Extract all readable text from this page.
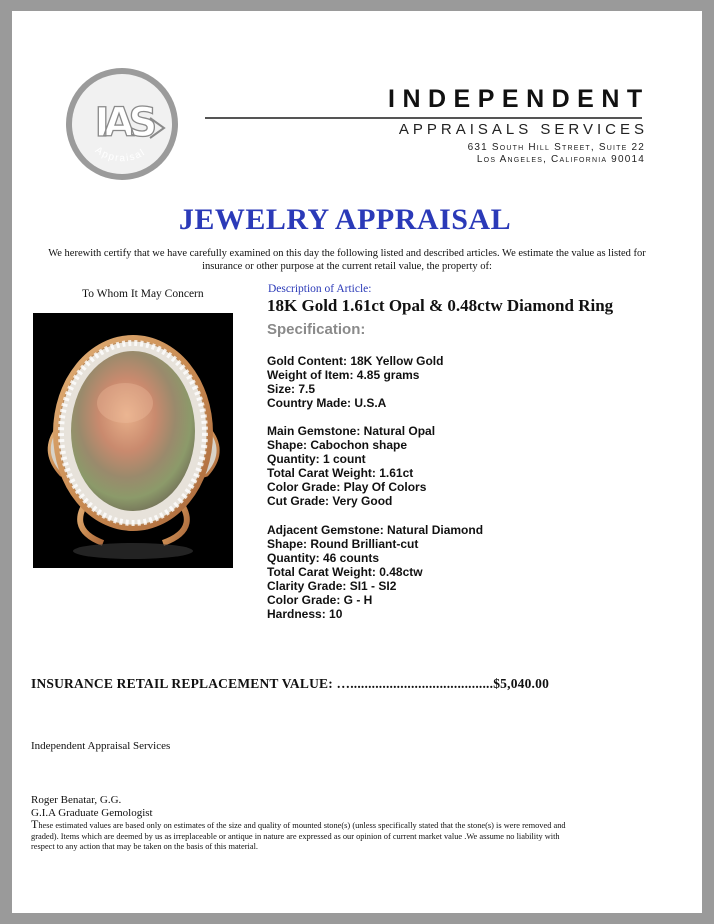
IAS
Appraisal
INDEPENDENT
APPRAISALS SERVICES
631 South Hill Street, Suite 22
Los Angeles, California 90014
JEWELRY APPRAISAL
We herewith certify that we have carefully examined on this day the following listed and described articles. We estimate the value as listed for insurance or other purpose at the current retail value, the property of:
To Whom It May Concern	Description of Article:
18K Gold 1.61ct Opal & 0.48ctw Diamond Ring
Specification:
Gold Content: 18K Yellow Gold
Weight of Item: 4.85 grams
Size: 7.5
Country Made: U.S.A
Main Gemstone: Natural Opal
Shape: Cabochon shape
Quantity: 1 count
Total Carat Weight: 1.61ct
Color Grade: Play Of Colors
Cut Grade: Very Good
Adjacent Gemstone: Natural Diamond
Shape: Round Brilliant-cut
Quantity: 46 counts
Total Carat Weight: 0.48ctw
Clarity Grade: SI1 - SI2
Color Grade: G - H
Hardness: 10
INSURANCE RETAIL REPLACEMENT VALUE: …........................................$5,040.00
Independent Appraisal Services
Roger Benatar, G.G.
G.I.A Graduate Gemologist
These estimated values are based only on estimates of the size and quality of mounted stone(s) (unless specifically stated that the stone(s) is were removed and graded). Items which are deemed by us as irreplaceable or antique in nature are expressed as our opinion of current market value .We assume no liability with respect to any action that may be taken on the basis of this material.
